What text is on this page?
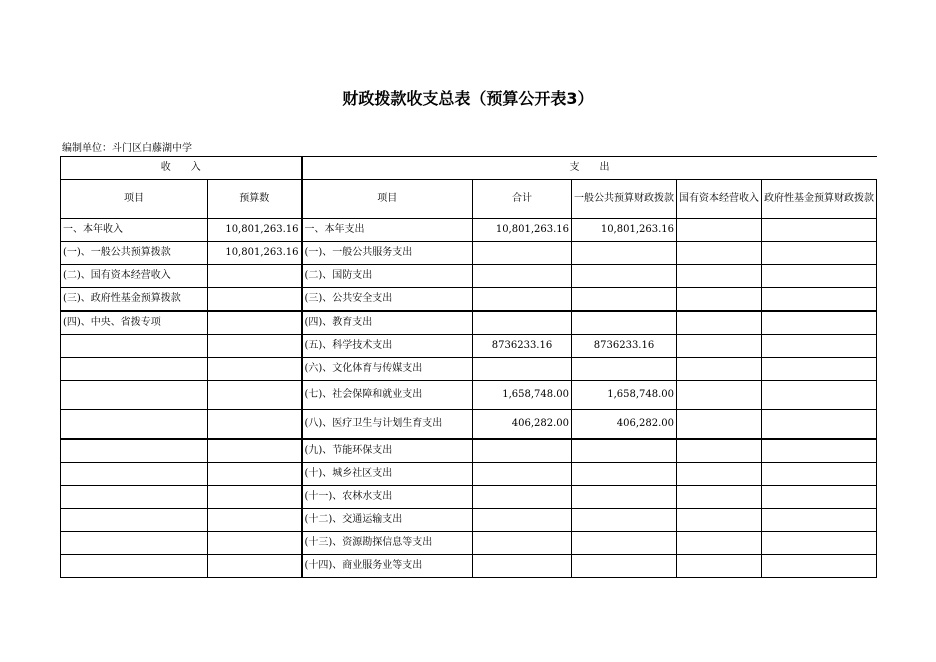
财政拨款收支总表（预算公开表3）
编制单位：斗门区白藤湖中学
收　　入		支　　出				
项目	预算数	项目	合计	一般公共预算财政拨款	国有资本经营收入	政府性基金预算财政拨款
一、本年收入	10,801,263.16	一、本年支出	10,801,263.16	10,801,263.16		
(一)、一般公共预算拨款	10,801,263.16	(一)、一般公共服务支出				
(二)、国有资本经营收入		(二)、国防支出				
(三)、政府性基金预算拨款		(三)、公共安全支出				
(四)、中央、省拨专项		(四)、教育支出				
		(五)、科学技术支出	8736233.16	8736233.16		
		(六)、文化体育与传媒支出				
		(七)、社会保障和就业支出	1,658,748.00	1,658,748.00		
		(八)、医疗卫生与计划生育支出	406,282.00	406,282.00		
		(九)、节能环保支出				
		(十)、城乡社区支出				
		(十一)、农林水支出				
		(十二)、交通运输支出				
		(十三)、资源勘探信息等支出				
		(十四)、商业服务业等支出				
